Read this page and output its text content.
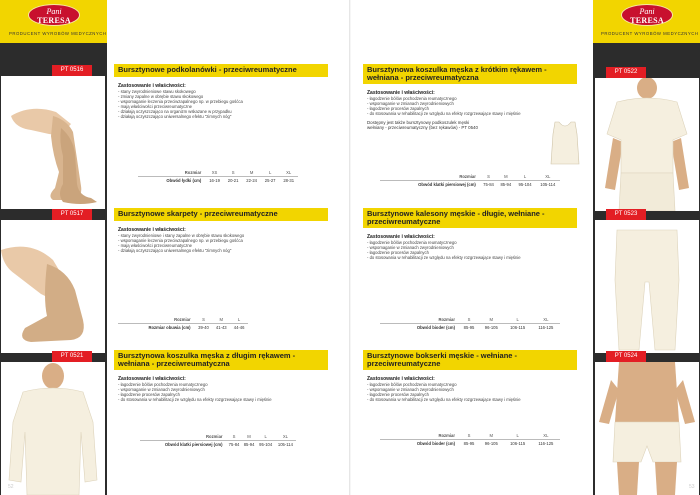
Pani
TERESA
PRODUCENT WYROBÓW MEDYCZNYCH
PT 0516	Bursztynowe podkolanówki - przeciwreumatyczne
Zastosowanie i właściwości:
- stany zwyrodnieniowe stawu skokowego
- zmiany zapalne w obrębie stawu skokowego
- wspomaganie leczenia przeciwzapalnego np. w przebiegu gośćca
- mają właściwości przeciwreumatyczne
- działają oczyszczająco na organizm wskazane w przypadku
- działają oczyszczająco uniwersalnego efektu "zimnych nóg"
Rozmiar	XS	S	M	L	XL
Obwód łydki (cm)	16-19	20-21	22-24	25-27	28-31
PT 0517	Bursztynowe skarpety - przeciwreumatyczne
Zastosowanie i właściwości:
- stany zwyrodnieniowe i stany zapalne w obrębie stawu skokowego
- wspomaganie leczenia przeciwzapalnego np. w przebiegu gośćca
- mają właściwości przeciwreumatyczne
- działają oczyszczająco uniwersalnego efektu "zimnych nóg"
Rozmiar	S	M	L
Rozmiar obuwia (cm)	39-40	41-43	44-46
PT 0521	Bursztynowa koszulka męska z długim rękawem - wełniana - przeciwreumatyczna
Zastosowanie i właściwości:
- łagodzenie bólów pochodzenia reumatycznego
- wspomaganie w zmianach zwyrodnieniowych
- łagodzenie procesów zapalnych
- do stosowania w rehabilitacji ze względu na efekty rozgrzewające stawy i mięśnie
Rozmiar	S	M	L	XL
Obwód klatki piersiowej (cm)	75-84	85-94	95-104	105-114
52
Pani
TERESA
PRODUCENT WYROBÓW MEDYCZNYCH
PT 0522
Bursztynowa koszulka męska z krótkim rękawem - wełniana - przeciwreumatyczna
Zastosowanie i właściwości:
- łagodzenie bólów pochodzenia reumatycznego
- wspomaganie w zmianach zwyrodnieniowych
- łagodzenie procesów zapalnych
- do stosowania w rehabilitacji ze względu na efekty rozgrzewające stawy i mięśnie
Dostępny jest także bursztynowy podkoszulek męski wełniany - przeciwreumatyczny (bez rękawów) - PT 0540
Rozmiar	S	M	L	XL
Obwód klatki piersiowej (cm)	75-84	85-94	95-104	105-114
PT 0523
Bursztynowe kalesony męskie - długie, wełniane - przeciwreumatyczne
Zastosowanie i właściwości:
- łagodzenie bólów pochodzenia reumatycznego
- wspomaganie w zmianach zwyrodnieniowych
- łagodzenie procesów zapalnych
- do stosowania w rehabilitacji ze względu na efekty rozgrzewające stawy i mięśnie
Rozmiar	S	M	L	XL
Obwód bioder (cm)	85-95	96-105	106-115	116-125
PT 0524
Bursztynowe bokserki męskie - wełniane - przeciwreumatyczne
Zastosowanie i właściwości:
- łagodzenie bólów pochodzenia reumatycznego
- wspomaganie w zmianach zwyrodnieniowych
- łagodzenie procesów zapalnych
- do stosowania w rehabilitacji ze względu na efekty rozgrzewające stawy i mięśnie
Rozmiar	S	M	L	XL
Obwód bioder (cm)	85-95	96-105	106-115	116-125
53
